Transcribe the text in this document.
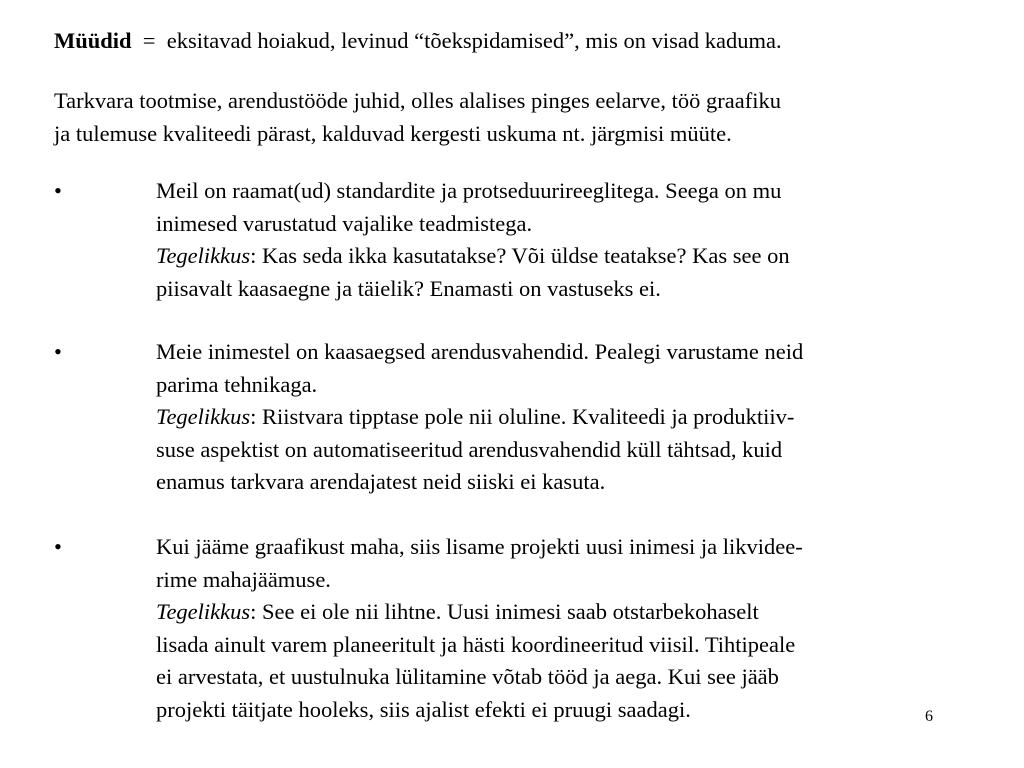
Müüdid  =  eksitavad hoiakud, levinud “tõekspidamised”, mis on visad kaduma.

Tarkvara tootmise, arendustööde juhid, olles alalises pinges eelarve, töö graafiku

ja tulemuse kvaliteedi pärast, kalduvad kergesti uskuma nt. järgmisi müüte.

•	Meil on raamat(ud) standardite ja protseduurireeglitega. Seega on mu
inimesed varustatud vajalike teadmistega.
Tegelikkus: Kas seda ikka kasutatakse? Või üldse teatakse? Kas see on
piisavalt kaasaegne ja täielik? Enamasti on vastuseks ei.
•	Meie inimestel on kaasaegsed arendusvahendid. Pealegi varustame neid
parima tehnikaga.
Tegelikkus: Riistvara tipptase pole nii oluline. Kvaliteedi ja produktiiv-
suse aspektist on automatiseeritud arendusvahendid küll tähtsad, kuid
enamus tarkvara arendajatest neid siiski ei kasuta.
•	Kui jääme graafikust maha, siis lisame projekti uusi inimesi ja likvidee-
rime mahajäämuse.
Tegelikkus: See ei ole nii lihtne. Uusi inimesi saab otstarbekohaselt
lisada ainult varem planeeritult ja hästi koordineeritud viisil. Tihtipeale
ei arvestata, et uustulnuka lülitamine võtab tööd ja aega. Kui see jääb
projekti täitjate hooleks, siis ajalist efekti ei pruugi saadagi.	6
